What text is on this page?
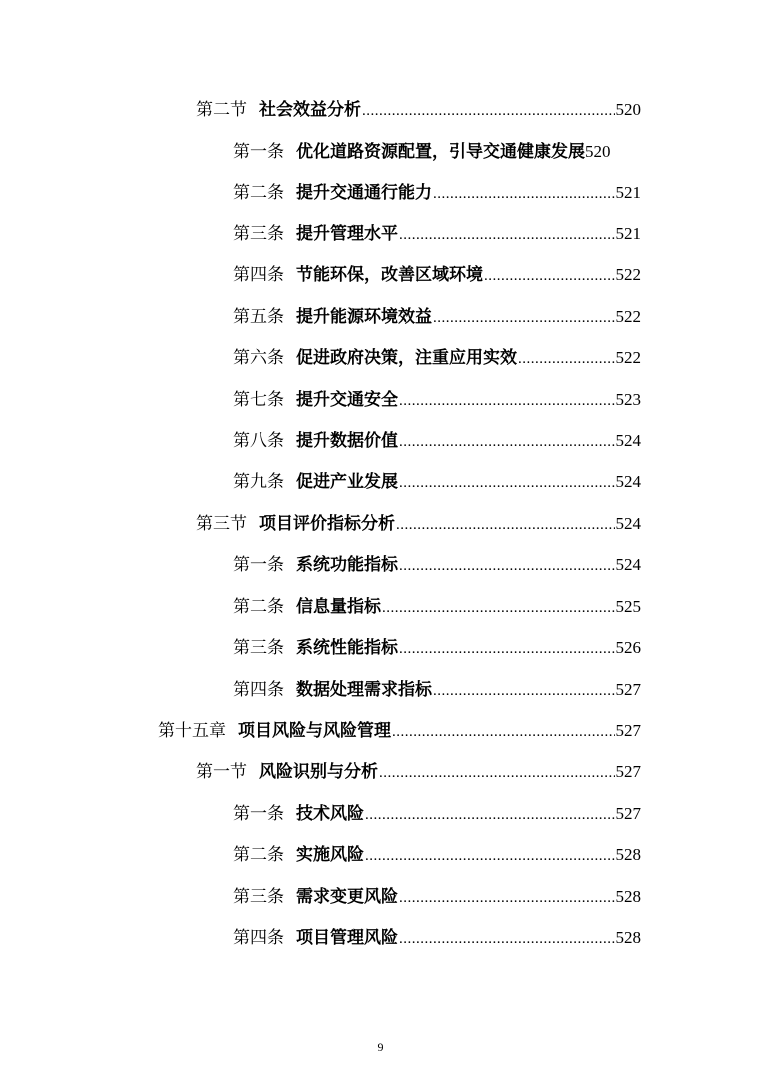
第二节 社会效益分析 .....	520
第一条 优化道路资源配置，引导交通健康发展 520
第二条 提升交通通行能力 .....	521
第三条 提升管理水平 .....	521
第四条 节能环保，改善区域环境 .....	522
第五条 提升能源环境效益 .....	522
第六条 促进政府决策，注重应用实效 .....	522
第七条 提升交通安全 .....	523
第八条 提升数据价值 .....	524
第九条 促进产业发展 .....	524
第三节 项目评价指标分析 .....	524
第一条 系统功能指标 .....	524
第二条 信息量指标 .....	525
第三条 系统性能指标 .....	526
第四条 数据处理需求指标 .....	527
第十五章 项目风险与风险管理 .....	527
第一节 风险识别与分析 .....	527
第一条 技术风险 .....	527
第二条 实施风险 .....	528
第三条 需求变更风险 .....	528
第四条 项目管理风险 .....	528
9
